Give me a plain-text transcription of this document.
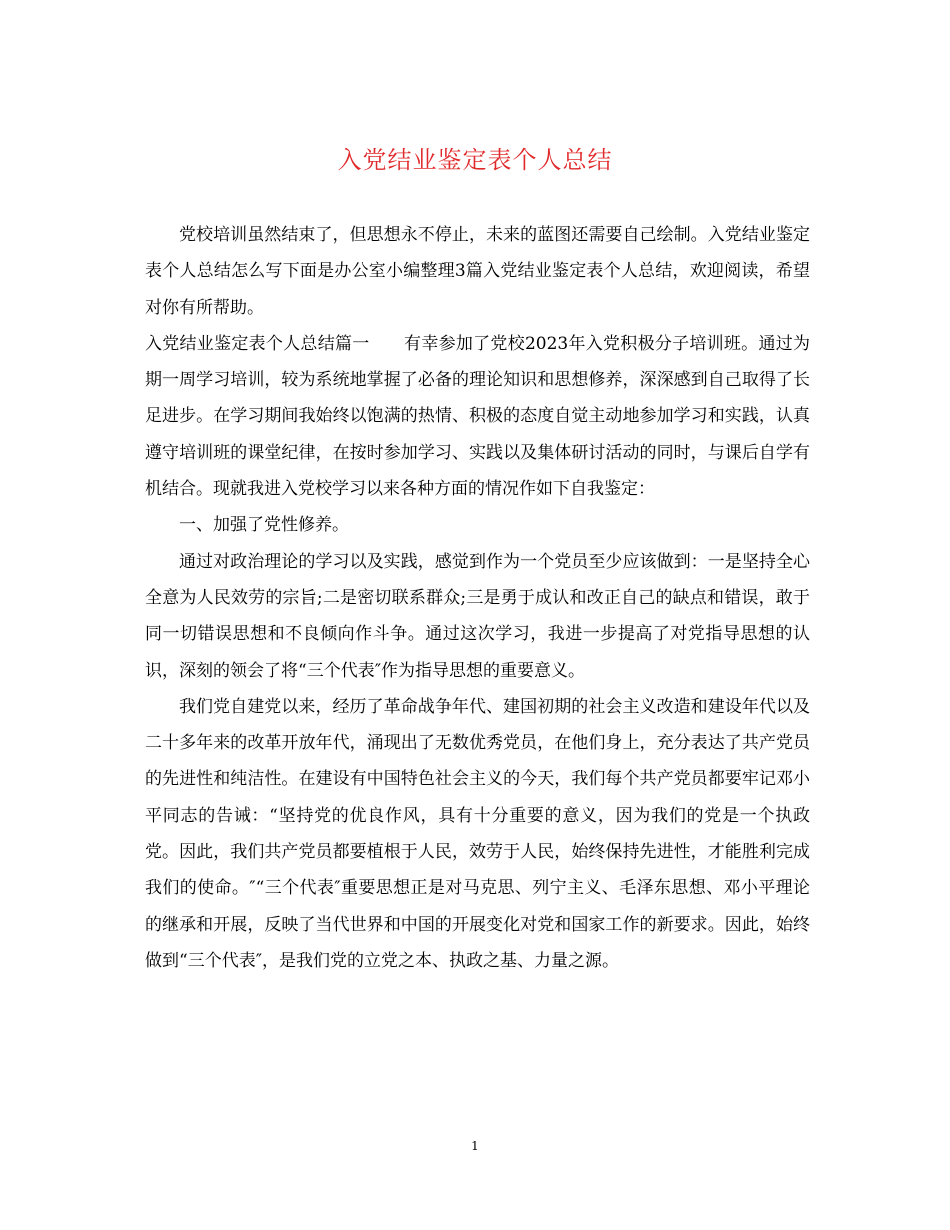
入党结业鉴定表个人总结

党校培训虽然结束了，但思想永不停止，未来的蓝图还需要自己绘制。入党结业鉴定表个人总结怎么写下面是办公室小编整理3篇入党结业鉴定表个人总结，欢迎阅读，希望对你有所帮助。

入党结业鉴定表个人总结篇一　　有幸参加了党校2023年入党积极分子培训班。通过为期一周学习培训，较为系统地掌握了必备的理论知识和思想修养，深深感到自己取得了长足进步。在学习期间我始终以饱满的热情、积极的态度自觉主动地参加学习和实践，认真遵守培训班的课堂纪律，在按时参加学习、实践以及集体研讨活动的同时，与课后自学有机结合。现就我进入党校学习以来各种方面的情况作如下自我鉴定：

一、加强了党性修养。

通过对政治理论的学习以及实践，感觉到作为一个党员至少应该做到：一是坚持全心全意为人民效劳的宗旨;二是密切联系群众;三是勇于成认和改正自己的缺点和错误，敢于同一切错误思想和不良倾向作斗争。通过这次学习，我进一步提高了对党指导思想的认识，深刻的领会了将“三个代表″作为指导思想的重要意义。

我们党自建党以来，经历了革命战争年代、建国初期的社会主义改造和建设年代以及二十多年来的改革开放年代，涌现出了无数优秀党员，在他们身上，充分表达了共产党员的先进性和纯洁性。在建设有中国特色社会主义的今天，我们每个共产党员都要牢记邓小平同志的告诫：“坚持党的优良作风，具有十分重要的意义，因为我们的党是一个执政党。因此，我们共产党员都要植根于人民，效劳于人民，始终保持先进性，才能胜利完成我们的使命。″“三个代表″重要思想正是对马克思、列宁主义、毛泽东思想、邓小平理论的继承和开展，反映了当代世界和中国的开展变化对党和国家工作的新要求。因此，始终做到“三个代表″，是我们党的立党之本、执政之基、力量之源。

1
